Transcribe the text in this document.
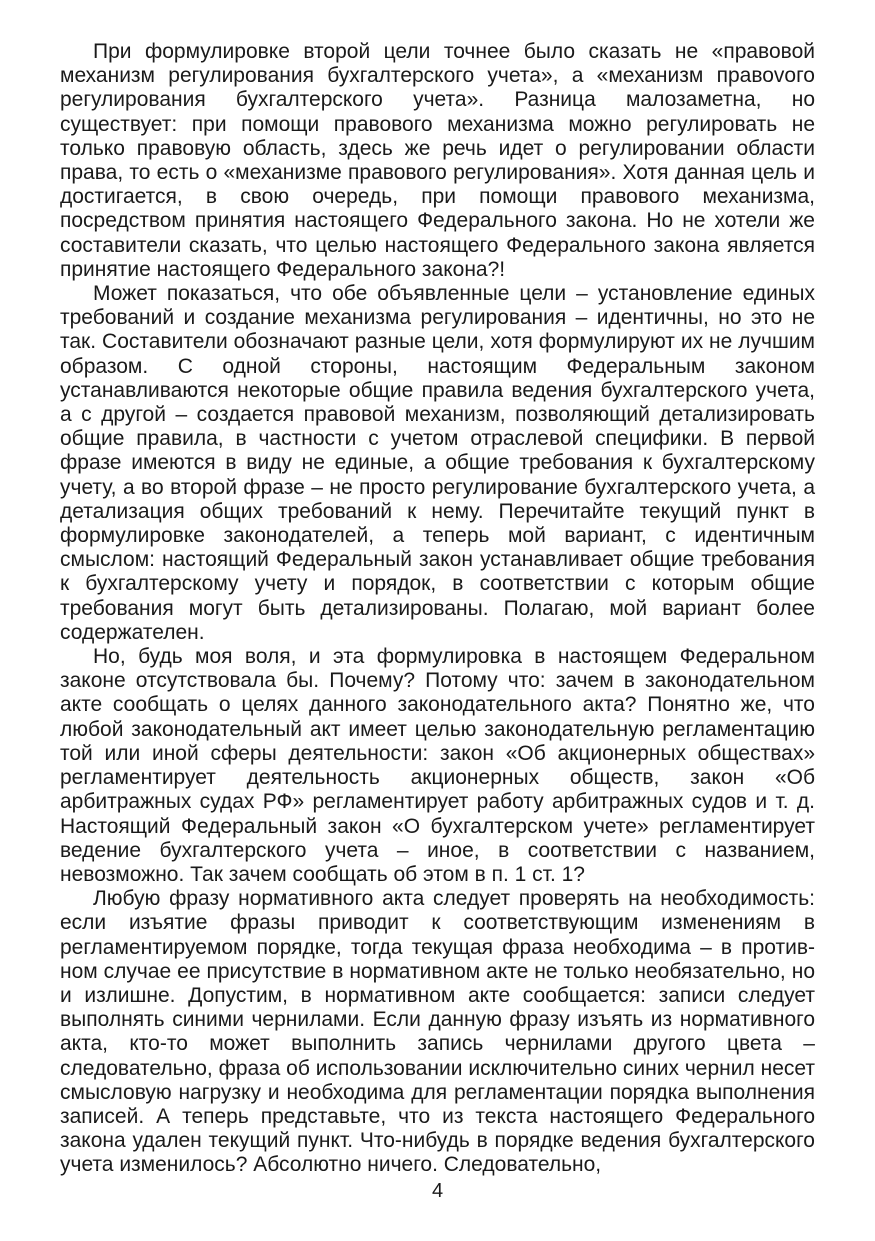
При формулировке второй цели точнее было сказать не «правовой механизм регулирования бухгалтерского учета», а «механизм правоvого регулирования бухгалтерского учета». Разница малозаметна, но существует: при помощи правового механизма можно регулировать не только правовую область, здесь же речь идет о регулировании области права, то есть о «механизме правового регулирования». Хотя данная цель и достигается, в свою очередь, при помощи правового механизма, посредством принятия настоящего Федерального закона. Но не хотели же составители сказать, что целью настоящего Федерального закона является принятие настоящего Федерального закона?!

Может показаться, что обе объявленные цели – установление единых требований и создание механизма регулирования – идентичны, но это не так. Составители обозначают разные цели, хотя формулируют их не лучшим образом. С одной стороны, настоящим Федеральным законом устанавливаются некоторые общие правила ведения бухгалтерского учета, а с другой – создается правовой механизм, позволяющий детализировать общие правила, в частности с учетом отраслевой специфики. В первой фразе имеются в виду не единые, а общие требования к бухгалтерскому учету, а во второй фразе – не просто регулирование бухгалтерского учета, а детализация общих требований к нему. Перечитайте текущий пункт в формулировке законодателей, а теперь мой вариант, с идентичным смыслом: настоящий Федеральный закон устанавливает общие требования к бухгалтерскому учету и порядок, в соответствии с которым общие требования могут быть детализированы. Полагаю, мой вариант более содержателен.

Но, будь моя воля, и эта формулировка в настоящем Федеральном законе отсутствовала бы. Почему? Потому что: зачем в законодательном акте сообщать о целях данного законодательного акта? Понятно же, что любой законодательный акт имеет целью законодательную регламентацию той или иной сферы деятельности: закон «Об акционерных обществах» регламентирует деятельность акционерных обществ, закон «Об арбитражных судах РФ» регламентирует работу арбитражных судов и т. д. Настоящий Федеральный закон «О бухгалтерском учете» регламентирует ведение бухгалтерского учета – иное, в соответствии с названием, невозможно. Так зачем сообщать об этом в п. 1 ст. 1?

Любую фразу нормативного акта следует проверять на необходимость: если изъятие фразы приводит к соответствующим изменениям в регламентируемом порядке, тогда текущая фраза необходима – в противном случае ее присутствие в нормативном акте не только необязательно, но и излишне. Допустим, в нормативном акте сообщается: записи следует выполнять синими чернилами. Если данную фразу изъять из нормативного акта, кто-то может выполнить запись чернилами другого цвета – следовательно, фраза об использовании исключительно синих чернил несет смысловую нагрузку и необходима для регламентации порядка выполнения записей. А теперь представьте, что из текста настоящего Федерального закона удален текущий пункт. Что-нибудь в порядке ведения бухгалтерского учета изменилось? Абсолютно ничего. Следовательно,

4
